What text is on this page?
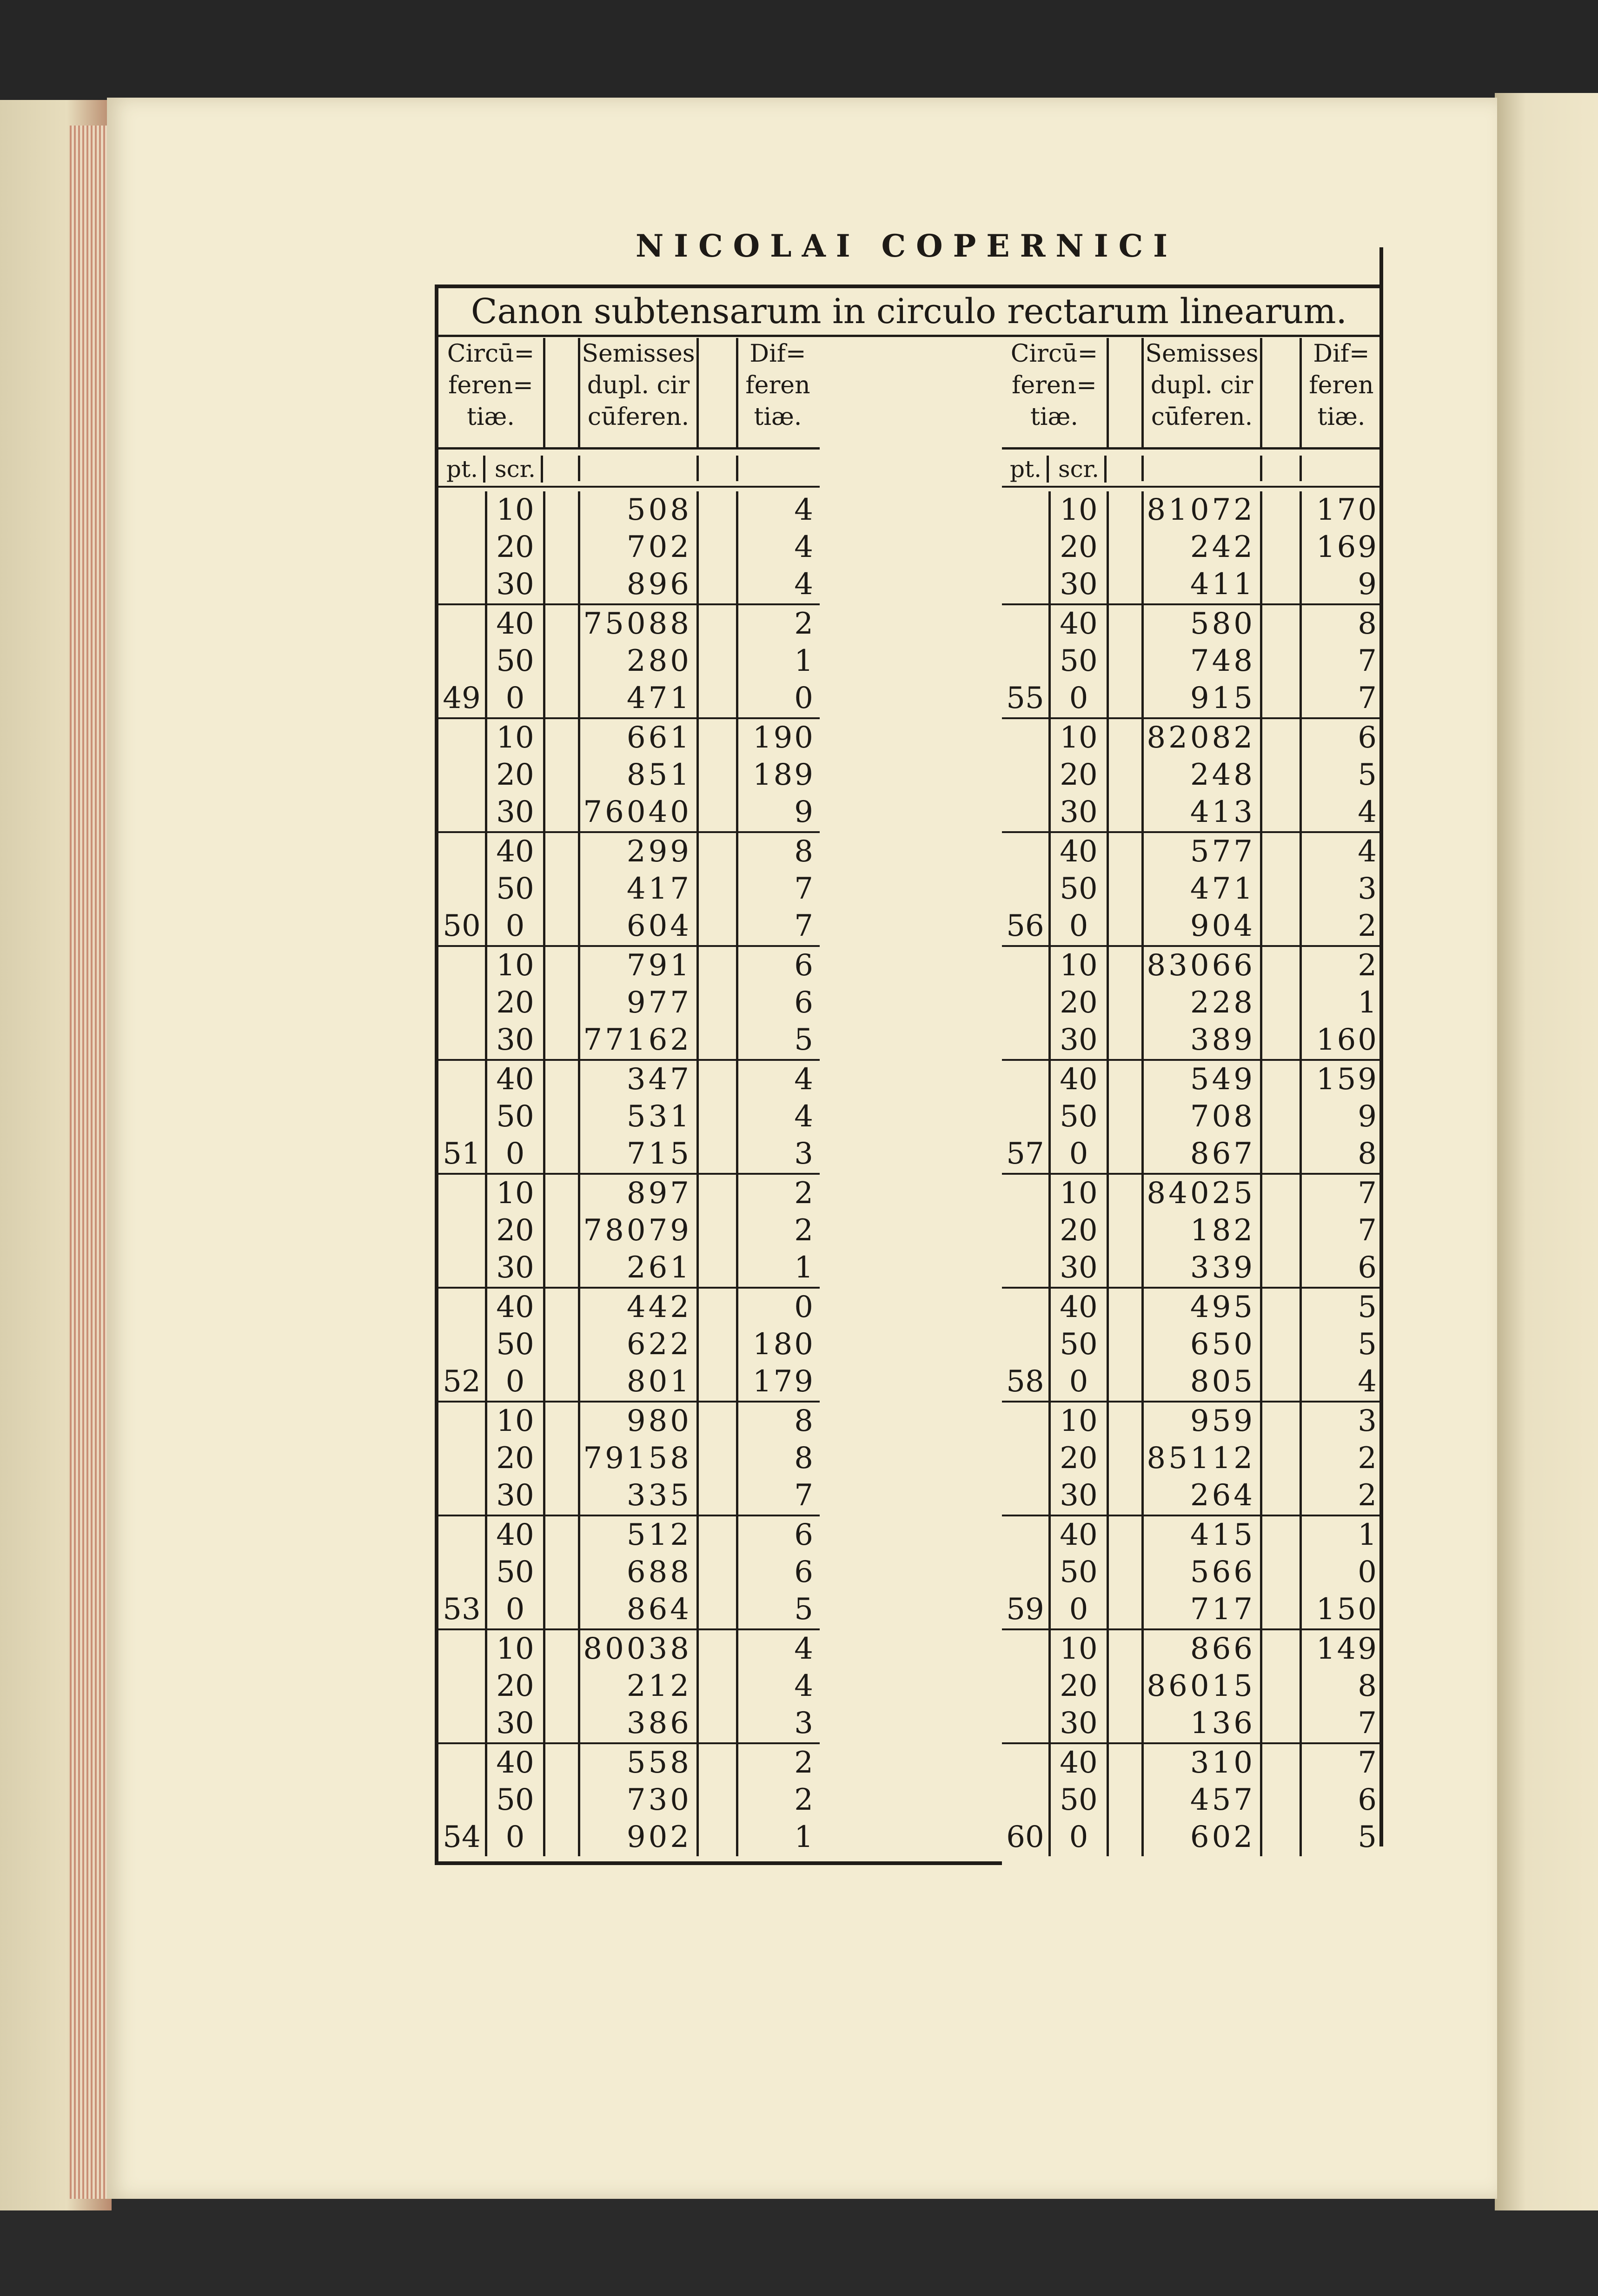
NICOLAI COPERNICI
Canon subtensarum in circulo rectarum linearum.
Circū=
feren=
tiæ.
Semisses
dupl. cir
cūferen.
Dif=
feren
tiæ.
pt. scr.
10	508	4
20	702	4
30	896	4
40 75088	2
50	280	1
49 0	471	0
10	661	190
20	851	189
30 76040	9
40	299	8
50	417	7
50 0	604	7
10	791	6
20	977	6
30 77162	5
40	347	4
50	531	4
51 0	715	3
10	897	2
20 78079	2
30	261	1
40	442	0
50	622	180
52 0	801	179
10	980	8
20 79158	8
30	335	7
40	512	6
50	688	6
53 0	864	5
10 80038	4
20	212	4
30	386	3
40	558	2
50	730	2
54 0	902	1
Circū=
feren=
tiæ.
Semisses
dupl. cir
cūferen.
Dif=
feren
tiæ.
pt. scr.
10 81072	170
20	242	169
30	411	9
40	580	8
50	748	7
55 0	915	7
10 82082	6
20	248	5
30	413	4
40	577	4
50	471	3
56 0	904	2
10 83066	2
20	228	1
30	389	160
40	549	159
50	708	9
57 0	867	8
10 84025	7
20	182	7
30	339	6
40	495	5
50	650	5
58 0	805	4
10	959	3
20 85112	2
30	264	2
40	415	1
50	566	0
59 0	717	150
10	866	149
20 86015	8
30	136	7
40	310	7
50	457	6
60 0	602	5
